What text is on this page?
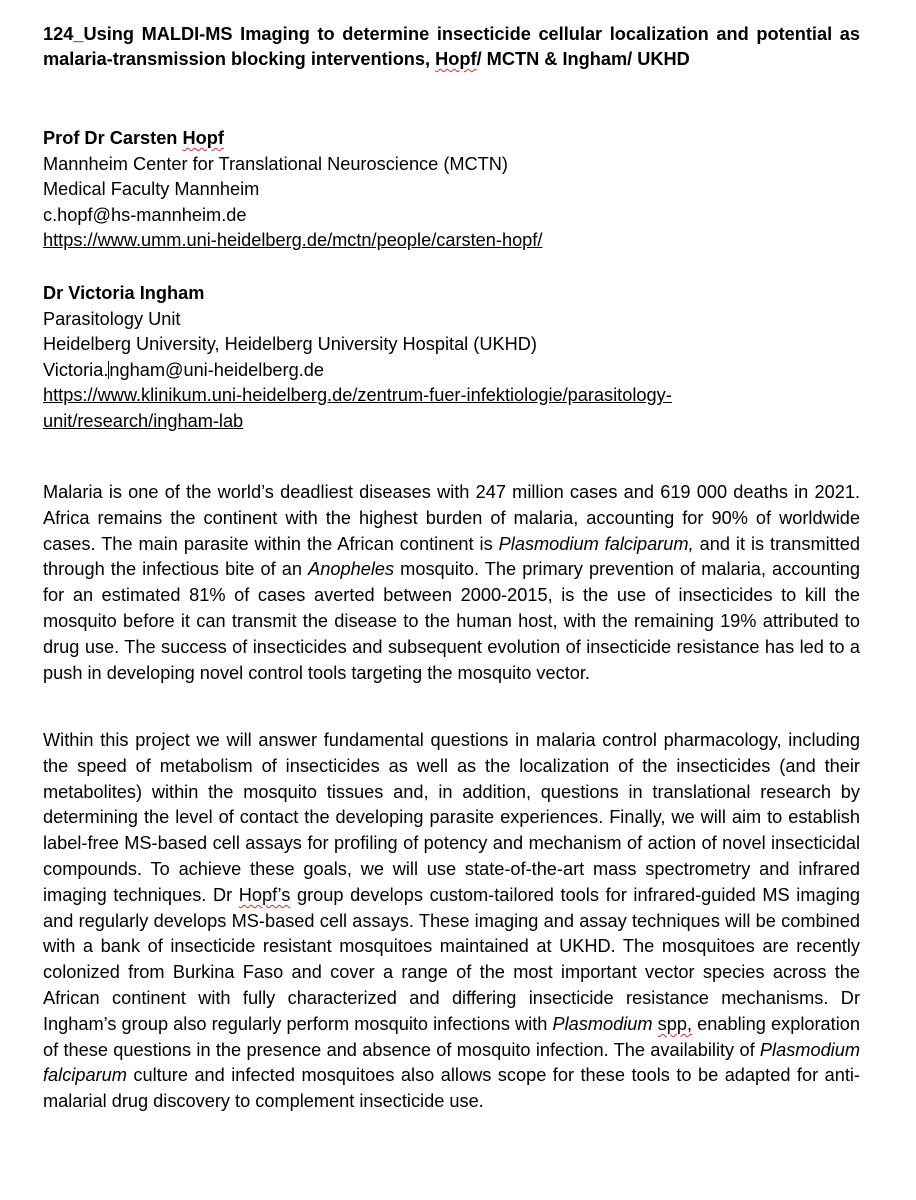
124_Using MALDI-MS Imaging to determine insecticide cellular localization and potential as malaria-transmission blocking interventions, Hopf/ MCTN & Ingham/ UKHD

Prof Dr Carsten Hopf
Mannheim Center for Translational Neuroscience (MCTN)
Medical Faculty Mannheim
c.hopf@hs-mannheim.de
https://www.umm.uni-heidelberg.de/mctn/people/carsten-hopf/
Dr Victoria Ingham
Parasitology Unit
Heidelberg University, Heidelberg University Hospital (UKHD)
Victoria.ngham@uni-heidelberg.de
https://www.klinikum.uni-heidelberg.de/zentrum-fuer-infektiologie/parasitology-
unit/research/ingham-lab

Malaria is one of the world’s deadliest diseases with 247 million cases and 619 000 deaths in 2021. Africa remains the continent with the highest burden of malaria, accounting for 90% of worldwide cases. The main parasite within the African continent is Plasmodium falciparum, and it is transmitted through the infectious bite of an Anopheles mosquito. The primary prevention of malaria, accounting for an estimated 81% of cases averted between 2000-2015, is the use of insecticides to kill the mosquito before it can transmit the disease to the human host, with the remaining 19% attributed to drug use. The success of insecticides and subsequent evolution of insecticide resistance has led to a push in developing novel control tools targeting the mosquito vector.

Within this project we will answer fundamental questions in malaria control pharmacology, including the speed of metabolism of insecticides as well as the localization of the insecticides (and their metabolites) within the mosquito tissues and, in addition, questions in translational research by determining the level of contact the developing parasite experiences. Finally, we will aim to establish label-free MS-based cell assays for profiling of potency and mechanism of action of novel insecticidal compounds. To achieve these goals, we will use state-of-the-art mass spectrometry and infrared imaging techniques. Dr Hopf’s group develops custom-tailored tools for infrared-guided MS imaging and regularly develops MS-based cell assays. These imaging and assay techniques will be combined with a bank of insecticide resistant mosquitoes maintained at UKHD. The mosquitoes are recently colonized from Burkina Faso and cover a range of the most important vector species across the African continent with fully characterized and differing insecticide resistance mechanisms. Dr Ingham’s group also regularly perform mosquito infections with Plasmodium spp, enabling exploration of these questions in the presence and absence of mosquito infection. The availability of Plasmodium falciparum culture and infected mosquitoes also allows scope for these tools to be adapted for anti-malarial drug discovery to complement insecticide use.
